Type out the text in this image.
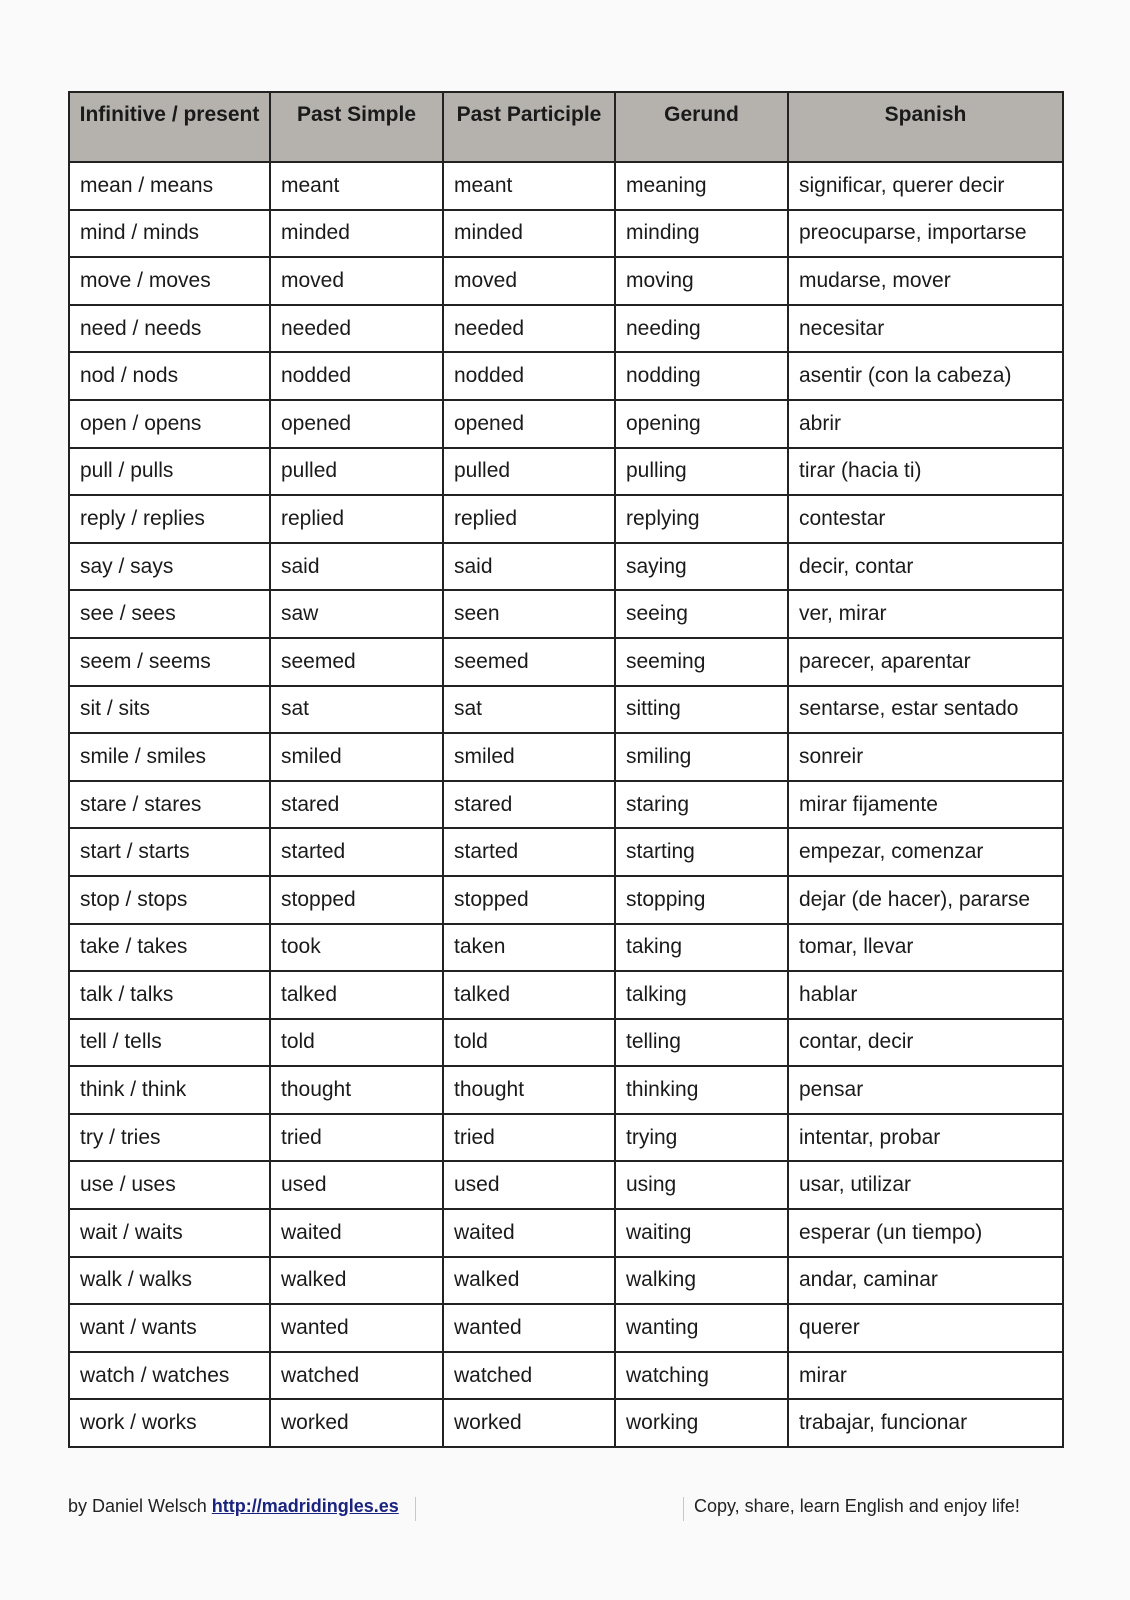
Infinitive / present	Past Simple	Past Participle	Gerund	Spanish
mean / means	meant	meant	meaning	significar, querer decir
mind / minds	minded	minded	minding	preocuparse, importarse
move / moves	moved	moved	moving	mudarse, mover
need / needs	needed	needed	needing	necesitar
nod / nods	nodded	nodded	nodding	asentir (con la cabeza)
open / opens	opened	opened	opening	abrir
pull / pulls	pulled	pulled	pulling	tirar (hacia ti)
reply / replies	replied	replied	replying	contestar
say / says	said	said	saying	decir, contar
see / sees	saw	seen	seeing	ver, mirar
seem / seems	seemed	seemed	seeming	parecer, aparentar
sit / sits	sat	sat	sitting	sentarse, estar sentado
smile / smiles	smiled	smiled	smiling	sonreir
stare / stares	stared	stared	staring	mirar fijamente
start / starts	started	started	starting	empezar, comenzar
stop / stops	stopped	stopped	stopping	dejar (de hacer), pararse
take / takes	took	taken	taking	tomar, llevar
talk / talks	talked	talked	talking	hablar
tell / tells	told	told	telling	contar, decir
think / think	thought	thought	thinking	pensar
try / tries	tried	tried	trying	intentar, probar
use / uses	used	used	using	usar, utilizar
wait / waits	waited	waited	waiting	esperar (un tiempo)
walk / walks	walked	walked	walking	andar, caminar
want / wants	wanted	wanted	wanting	querer
watch / watches	watched	watched	watching	mirar
work / works	worked	worked	working	trabajar, funcionar
by Daniel Welsch http://madridingles.es	Copy, share, learn English and enjoy life!
